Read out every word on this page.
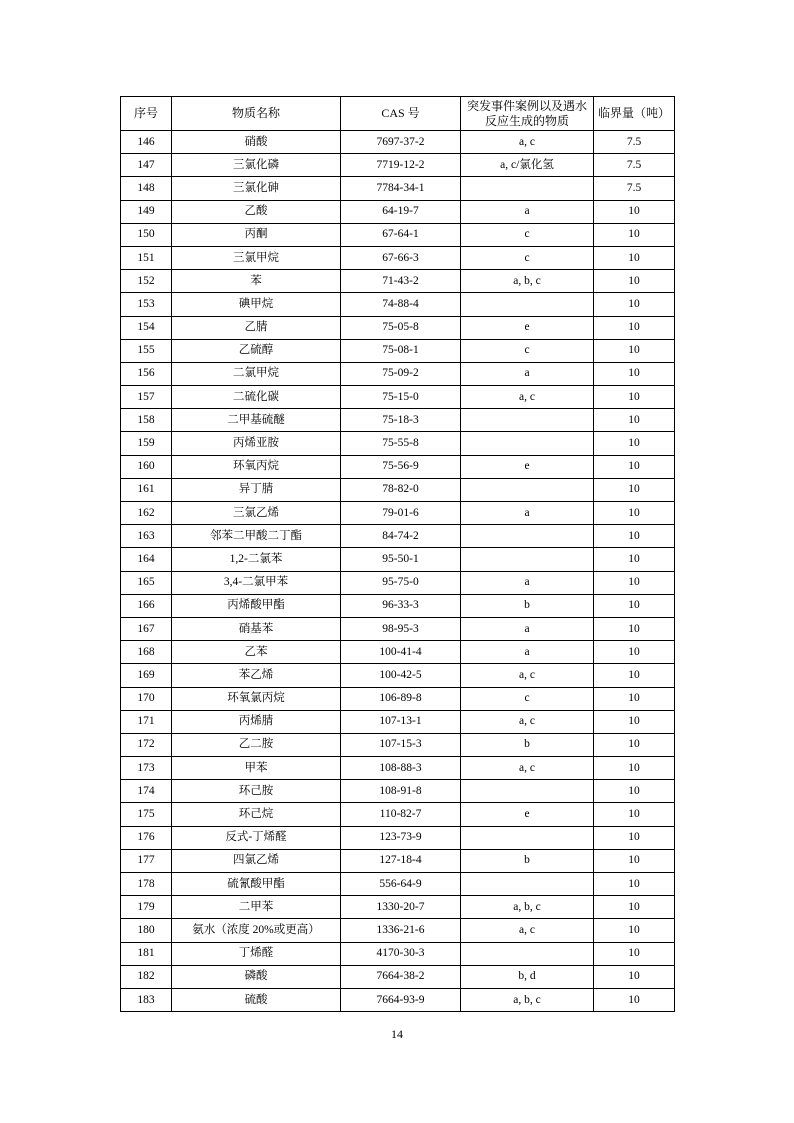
序号	物质名称	CAS 号	突发事件案例以及遇水反应生成的物质	临界量（吨）
146	硝酸	7697-37-2	a, c	7.5
147	三氯化磷	7719-12-2	a, c/氯化氢	7.5
148	三氯化砷	7784-34-1		7.5
149	乙酸	64-19-7	a	10
150	丙酮	67-64-1	c	10
151	三氯甲烷	67-66-3	c	10
152	苯	71-43-2	a, b, c	10
153	碘甲烷	74-88-4		10
154	乙腈	75-05-8	e	10
155	乙硫醇	75-08-1	c	10
156	二氯甲烷	75-09-2	a	10
157	二硫化碳	75-15-0	a, c	10
158	二甲基硫醚	75-18-3		10
159	丙烯亚胺	75-55-8		10
160	环氧丙烷	75-56-9	e	10
161	异丁腈	78-82-0		10
162	三氯乙烯	79-01-6	a	10
163	邻苯二甲酸二丁酯	84-74-2		10
164	1,2-二氯苯	95-50-1		10
165	3,4-二氯甲苯	95-75-0	a	10
166	丙烯酸甲酯	96-33-3	b	10
167	硝基苯	98-95-3	a	10
168	乙苯	100-41-4	a	10
169	苯乙烯	100-42-5	a, c	10
170	环氧氯丙烷	106-89-8	c	10
171	丙烯腈	107-13-1	a, c	10
172	乙二胺	107-15-3	b	10
173	甲苯	108-88-3	a, c	10
174	环己胺	108-91-8		10
175	环己烷	110-82-7	e	10
176	反式-丁烯醛	123-73-9		10
177	四氯乙烯	127-18-4	b	10
178	硫氰酸甲酯	556-64-9		10
179	二甲苯	1330-20-7	a, b, c	10
180	氨水（浓度 20%或更高）	1336-21-6	a, c	10
181	丁烯醛	4170-30-3		10
182	磷酸	7664-38-2	b, d	10
183	硫酸	7664-93-9	a, b, c	10
14
